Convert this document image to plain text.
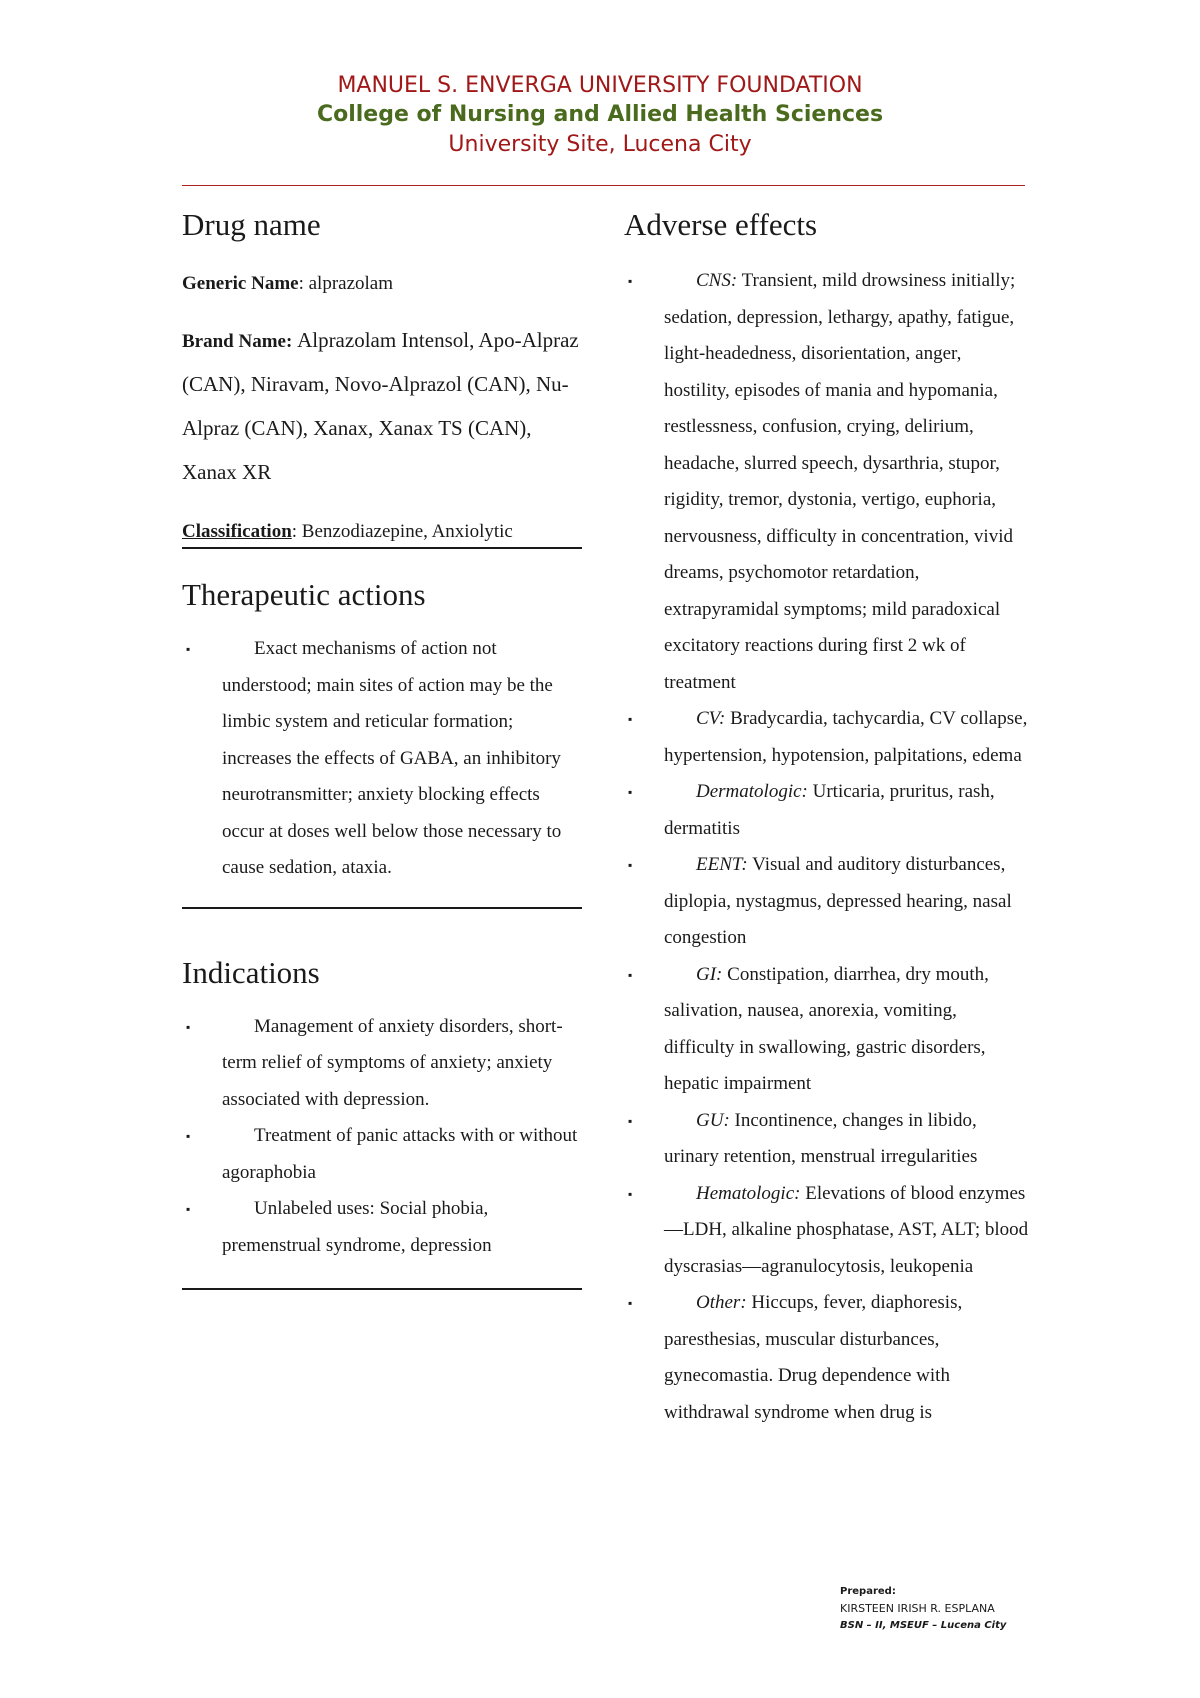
MANUEL S. ENVERGA UNIVERSITY FOUNDATION
College of Nursing and Allied Health Sciences
University Site, Lucena City
Drug name
Generic Name: alprazolam
Brand Name: Alprazolam Intensol, Apo-Alpraz (CAN), Niravam, Novo-Alprazol (CAN), Nu-Alpraz (CAN), Xanax, Xanax TS (CAN), Xanax XR
Classification: Benzodiazepine, Anxiolytic
Therapeutic actions
▪	Exact mechanisms of action not understood; main sites of action may be the limbic system and reticular formation; increases the effects of GABA, an inhibitory neurotransmitter; anxiety blocking effects occur at doses well below those necessary to cause sedation, ataxia.
Indications
▪	Management of anxiety disorders, short-term relief of symptoms of anxiety; anxiety associated with depression.
▪	Treatment of panic attacks with or without agoraphobia
▪	Unlabeled uses: Social phobia, premenstrual syndrome, depression
Adverse effects
▪	CNS: Transient, mild drowsiness initially; sedation, depression, lethargy, apathy, fatigue, light-headedness, disorientation, anger, hostility, episodes of mania and hypomania, restlessness, confusion, crying, delirium, headache, slurred speech, dysarthria, stupor, rigidity, tremor, dystonia, vertigo, euphoria, nervousness, difficulty in concentration, vivid dreams, psychomotor retardation, extrapyramidal symptoms; mild paradoxical excitatory reactions during first 2 wk of treatment
▪	CV: Bradycardia, tachycardia, CV collapse, hypertension, hypotension, palpitations, edema
▪	Dermatologic: Urticaria, pruritus, rash, dermatitis
▪	EENT: Visual and auditory disturbances, diplopia, nystagmus, depressed hearing, nasal congestion
▪	GI: Constipation, diarrhea, dry mouth, salivation, nausea, anorexia, vomiting, difficulty in swallowing, gastric disorders, hepatic impairment
▪	GU: Incontinence, changes in libido, urinary retention, menstrual irregularities
▪	Hematologic: Elevations of blood enzymes—LDH, alkaline phosphatase, AST, ALT; blood dyscrasias—agranulocytosis, leukopenia
▪	Other: Hiccups, fever, diaphoresis, paresthesias, muscular disturbances, gynecomastia. Drug dependence with withdrawal syndrome when drug is
Prepared:
KIRSTEEN IRISH R. ESPLANA
BSN – II, MSEUF – Lucena City
